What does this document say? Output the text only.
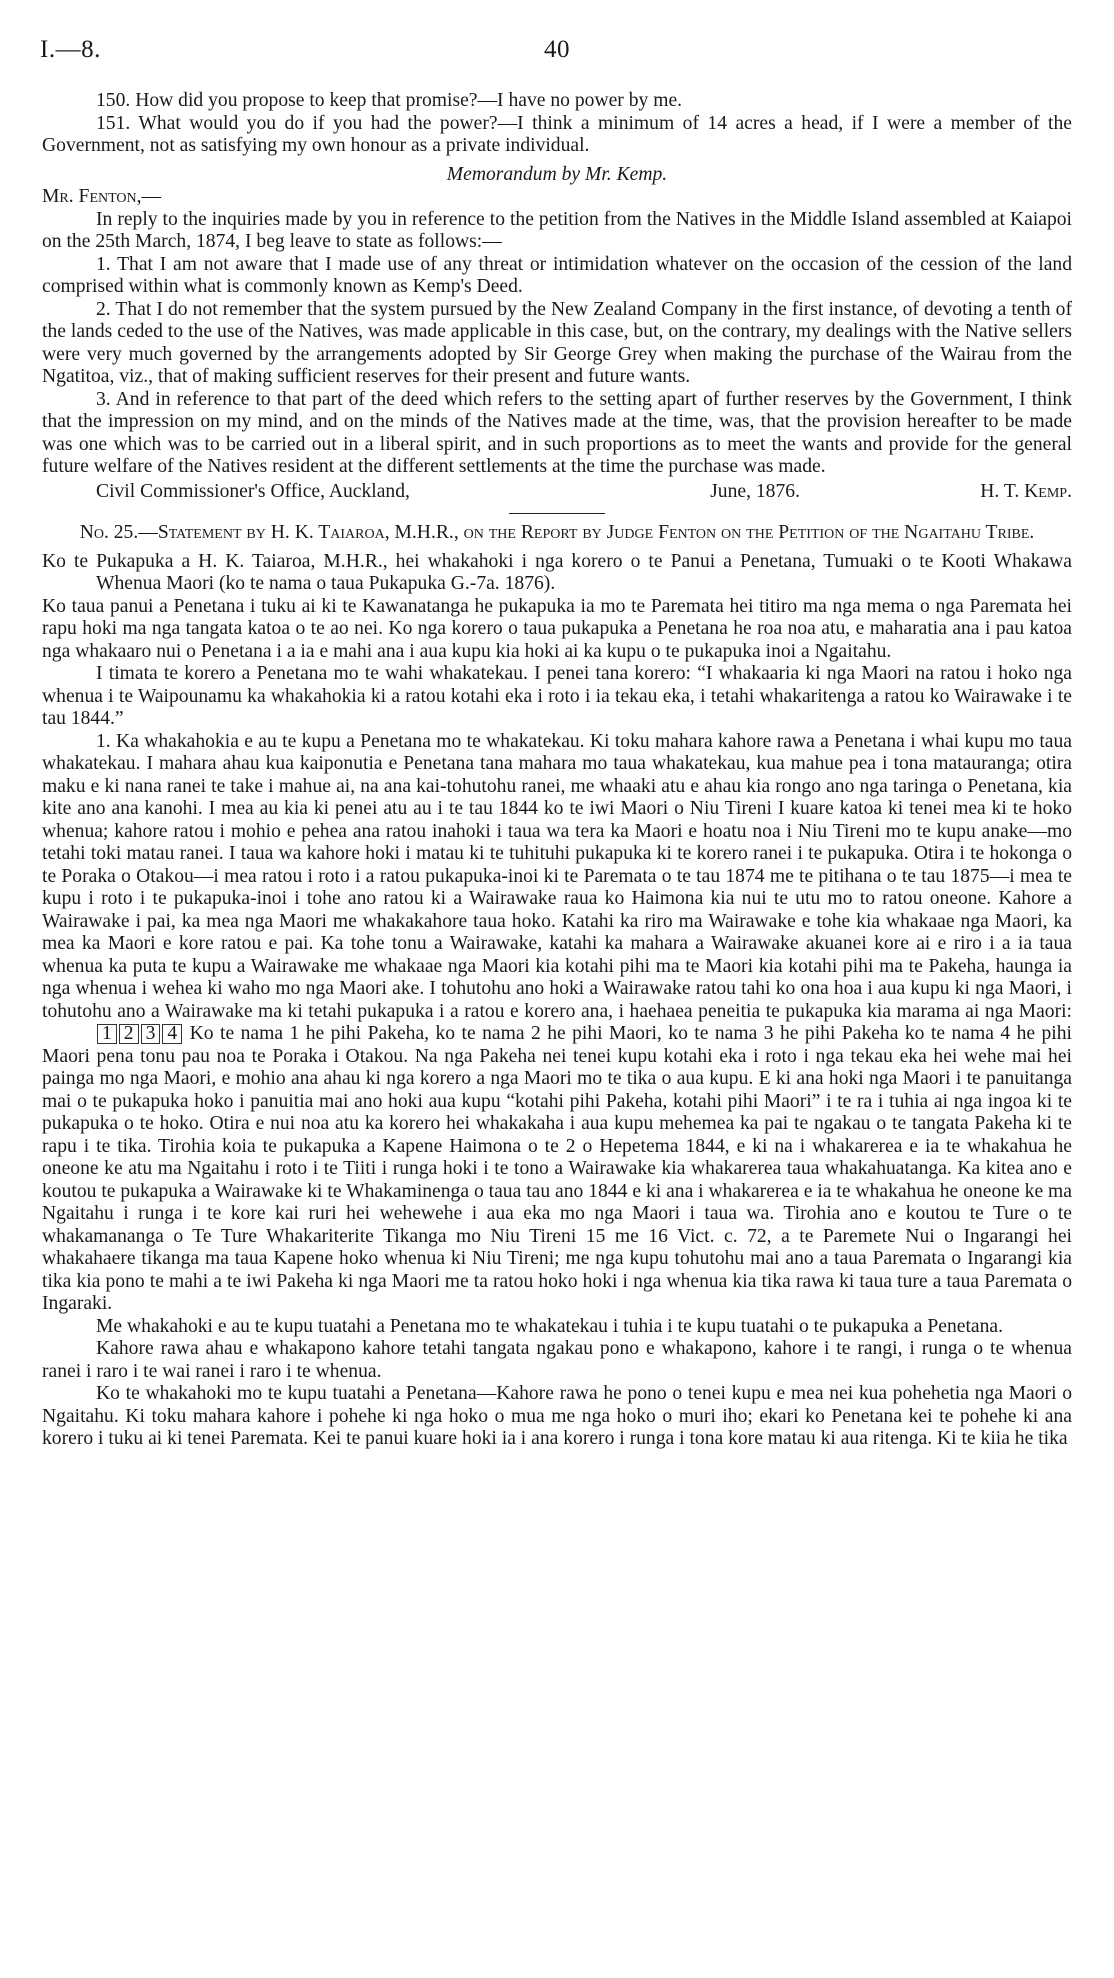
I.—8.	40

150. How did you propose to keep that promise?—I have no power by me.

151. What would you do if you had the power?—I think a minimum of 14 acres a head, if I were a member of the Government, not as satisfying my own honour as a private individual.

Memorandum by Mr. Kemp.

Mr. Fenton,—

In reply to the inquiries made by you in reference to the petition from the Natives in the Middle Island assembled at Kaiapoi on the 25th March, 1874, I beg leave to state as follows:—

1. That I am not aware that I made use of any threat or intimidation whatever on the occasion of the cession of the land comprised within what is commonly known as Kemp's Deed.

2. That I do not remember that the system pursued by the New Zealand Company in the first instance, of devoting a tenth of the lands ceded to the use of the Natives, was made applicable in this case, but, on the contrary, my dealings with the Native sellers were very much governed by the arrangements adopted by Sir George Grey when making the purchase of the Wairau from the Ngatitoa, viz., that of making sufficient reserves for their present and future wants.

3. And in reference to that part of the deed which refers to the setting apart of further reserves by the Government, I think that the impression on my mind, and on the minds of the Natives made at the time, was, that the provision hereafter to be made was one which was to be carried out in a liberal spirit, and in such proportions as to meet the wants and provide for the general future welfare of the Natives resident at the different settlements at the time the purchase was made.

Civil Commissioner's Office, Auckland,	June, 1876.	H. T. Kemp.

No. 25.—Statement by H. K. Taiaroa, M.H.R., on the Report by Judge Fenton on the Petition of the Ngaitahu Tribe.

Ko te Pukapuka a H. K. Taiaroa, M.H.R., hei whakahoki i nga korero o te Panui a Penetana, Tumuaki o te Kooti Whakawa Whenua Maori (ko te nama o taua Pukapuka G.-7a. 1876).

Ko taua panui a Penetana i tuku ai ki te Kawanatanga he pukapuka ia mo te Paremata hei titiro ma nga mema o nga Paremata hei rapu hoki ma nga tangata katoa o te ao nei. Ko nga korero o taua pukapuka a Penetana he roa noa atu, e maharatia ana i pau katoa nga whakaaro nui o Penetana i a ia e mahi ana i aua kupu kia hoki ai ka kupu o te pukapuka inoi a Ngaitahu.

I timata te korero a Penetana mo te wahi whakatekau. I penei tana korero: “I whakaaria ki nga Maori na ratou i hoko nga whenua i te Waipounamu ka whakahokia ki a ratou kotahi eka i roto i ia tekau eka, i tetahi whakaritenga a ratou ko Wairawake i te tau 1844.”

1. Ka whakahokia e au te kupu a Penetana mo te whakatekau. Ki toku mahara kahore rawa a Penetana i whai kupu mo taua whakatekau. I mahara ahau kua kaiponutia e Penetana tana mahara mo taua whakatekau, kua mahue pea i tona matauranga; otira maku e ki nana ranei te take i mahue ai, na ana kai-tohutohu ranei, me whaaki atu e ahau kia rongo ano nga taringa o Penetana, kia kite ano ana kanohi. I mea au kia ki penei atu au i te tau 1844 ko te iwi Maori o Niu Tireni I kuare katoa ki tenei mea ki te hoko whenua; kahore ratou i mohio e pehea ana ratou inahoki i taua wa tera ka Maori e hoatu noa i Niu Tireni mo te kupu anake—mo tetahi toki matau ranei. I taua wa kahore hoki i matau ki te tuhituhi pukapuka ki te korero ranei i te pukapuka. Otira i te hokonga o te Poraka o Otakou—i mea ratou i roto i a ratou pukapuka-inoi ki te Paremata o te tau 1874 me te pitihana o te tau 1875—i mea te kupu i roto i te pukapuka-inoi i tohe ano ratou ki a Wairawake raua ko Haimona kia nui te utu mo to ratou oneone. Kahore a Wairawake i pai, ka mea nga Maori me whakakahore taua hoko. Katahi ka riro ma Wairawake e tohe kia whakaae nga Maori, ka mea ka Maori e kore ratou e pai. Ka tohe tonu a Wairawake, katahi ka mahara a Wairawake akuanei kore ai e riro i a ia taua whenua ka puta te kupu a Wairawake me whakaae nga Maori kia kotahi pihi ma te Maori kia kotahi pihi ma te Pakeha, haunga ia nga whenua i wehea ki waho mo nga Maori ake. I tohutohu ano hoki a Wairawake ratou tahi ko ona hoa i aua kupu ki nga Maori, i tohutohu ano a Wairawake ma ki tetahi pukapuka i a ratou e korero ana, i haehaea peneitia te pukapuka kia marama ai nga Maori: 1 2 3 4 Ko te nama 1 he pihi Pakeha, ko te nama 2 he pihi Maori, ko te nama 3 he pihi Pakeha ko te nama 4 he pihi Maori pena tonu pau noa te Poraka i Otakou. Na nga Pakeha nei tenei kupu kotahi eka i roto i nga tekau eka hei wehe mai hei painga mo nga Maori, e mohio ana ahau ki nga korero a nga Maori mo te tika o aua kupu. E ki ana hoki nga Maori i te panuitanga mai o te pukapuka hoko i panuitia mai ano hoki aua kupu “kotahi pihi Pakeha, kotahi pihi Maori” i te ra i tuhia ai nga ingoa ki te pukapuka o te hoko. Otira e nui noa atu ka korero hei whakakaha i aua kupu mehemea ka pai te ngakau o te tangata Pakeha ki te rapu i te tika. Tirohia koia te pukapuka a Kapene Haimona o te 2 o Hepetema 1844, e ki na i whakarerea e ia te whakahua he oneone ke atu ma Ngaitahu i roto i te Tiiti i runga hoki i te tono a Wairawake kia whakarerea taua whakahuatanga. Ka kitea ano e koutou te pukapuka a Wairawake ki te Whakaminenga o taua tau ano 1844 e ki ana i whakarerea e ia te whakahua he oneone ke ma Ngaitahu i runga i te kore kai ruri hei wehewehe i aua eka mo nga Maori i taua wa. Tirohia ano e koutou te Ture o te whakamananga o Te Ture Whakariterite Tikanga mo Niu Tireni 15 me 16 Vict. c. 72, a te Paremete Nui o Ingarangi hei whakahaere tikanga ma taua Kapene hoko whenua ki Niu Tireni; me nga kupu tohutohu mai ano a taua Paremata o Ingarangi kia tika kia pono te mahi a te iwi Pakeha ki nga Maori me ta ratou hoko hoki i nga whenua kia tika rawa ki taua ture a taua Paremata o Ingaraki.

Me whakahoki e au te kupu tuatahi a Penetana mo te whakatekau i tuhia i te kupu tuatahi o te pukapuka a Penetana.

Kahore rawa ahau e whakapono kahore tetahi tangata ngakau pono e whakapono, kahore i te rangi, i runga o te whenua ranei i raro i te wai ranei i raro i te whenua.

Ko te whakahoki mo te kupu tuatahi a Penetana—Kahore rawa he pono o tenei kupu e mea nei kua pohehetia nga Maori o Ngaitahu. Ki toku mahara kahore i pohehe ki nga hoko o mua me nga hoko o muri iho; ekari ko Penetana kei te pohehe ki ana korero i tuku ai ki tenei Paremata. Kei te panui kuare hoki ia i ana korero i runga i tona kore matau ki aua ritenga. Ki te kiia he tika
